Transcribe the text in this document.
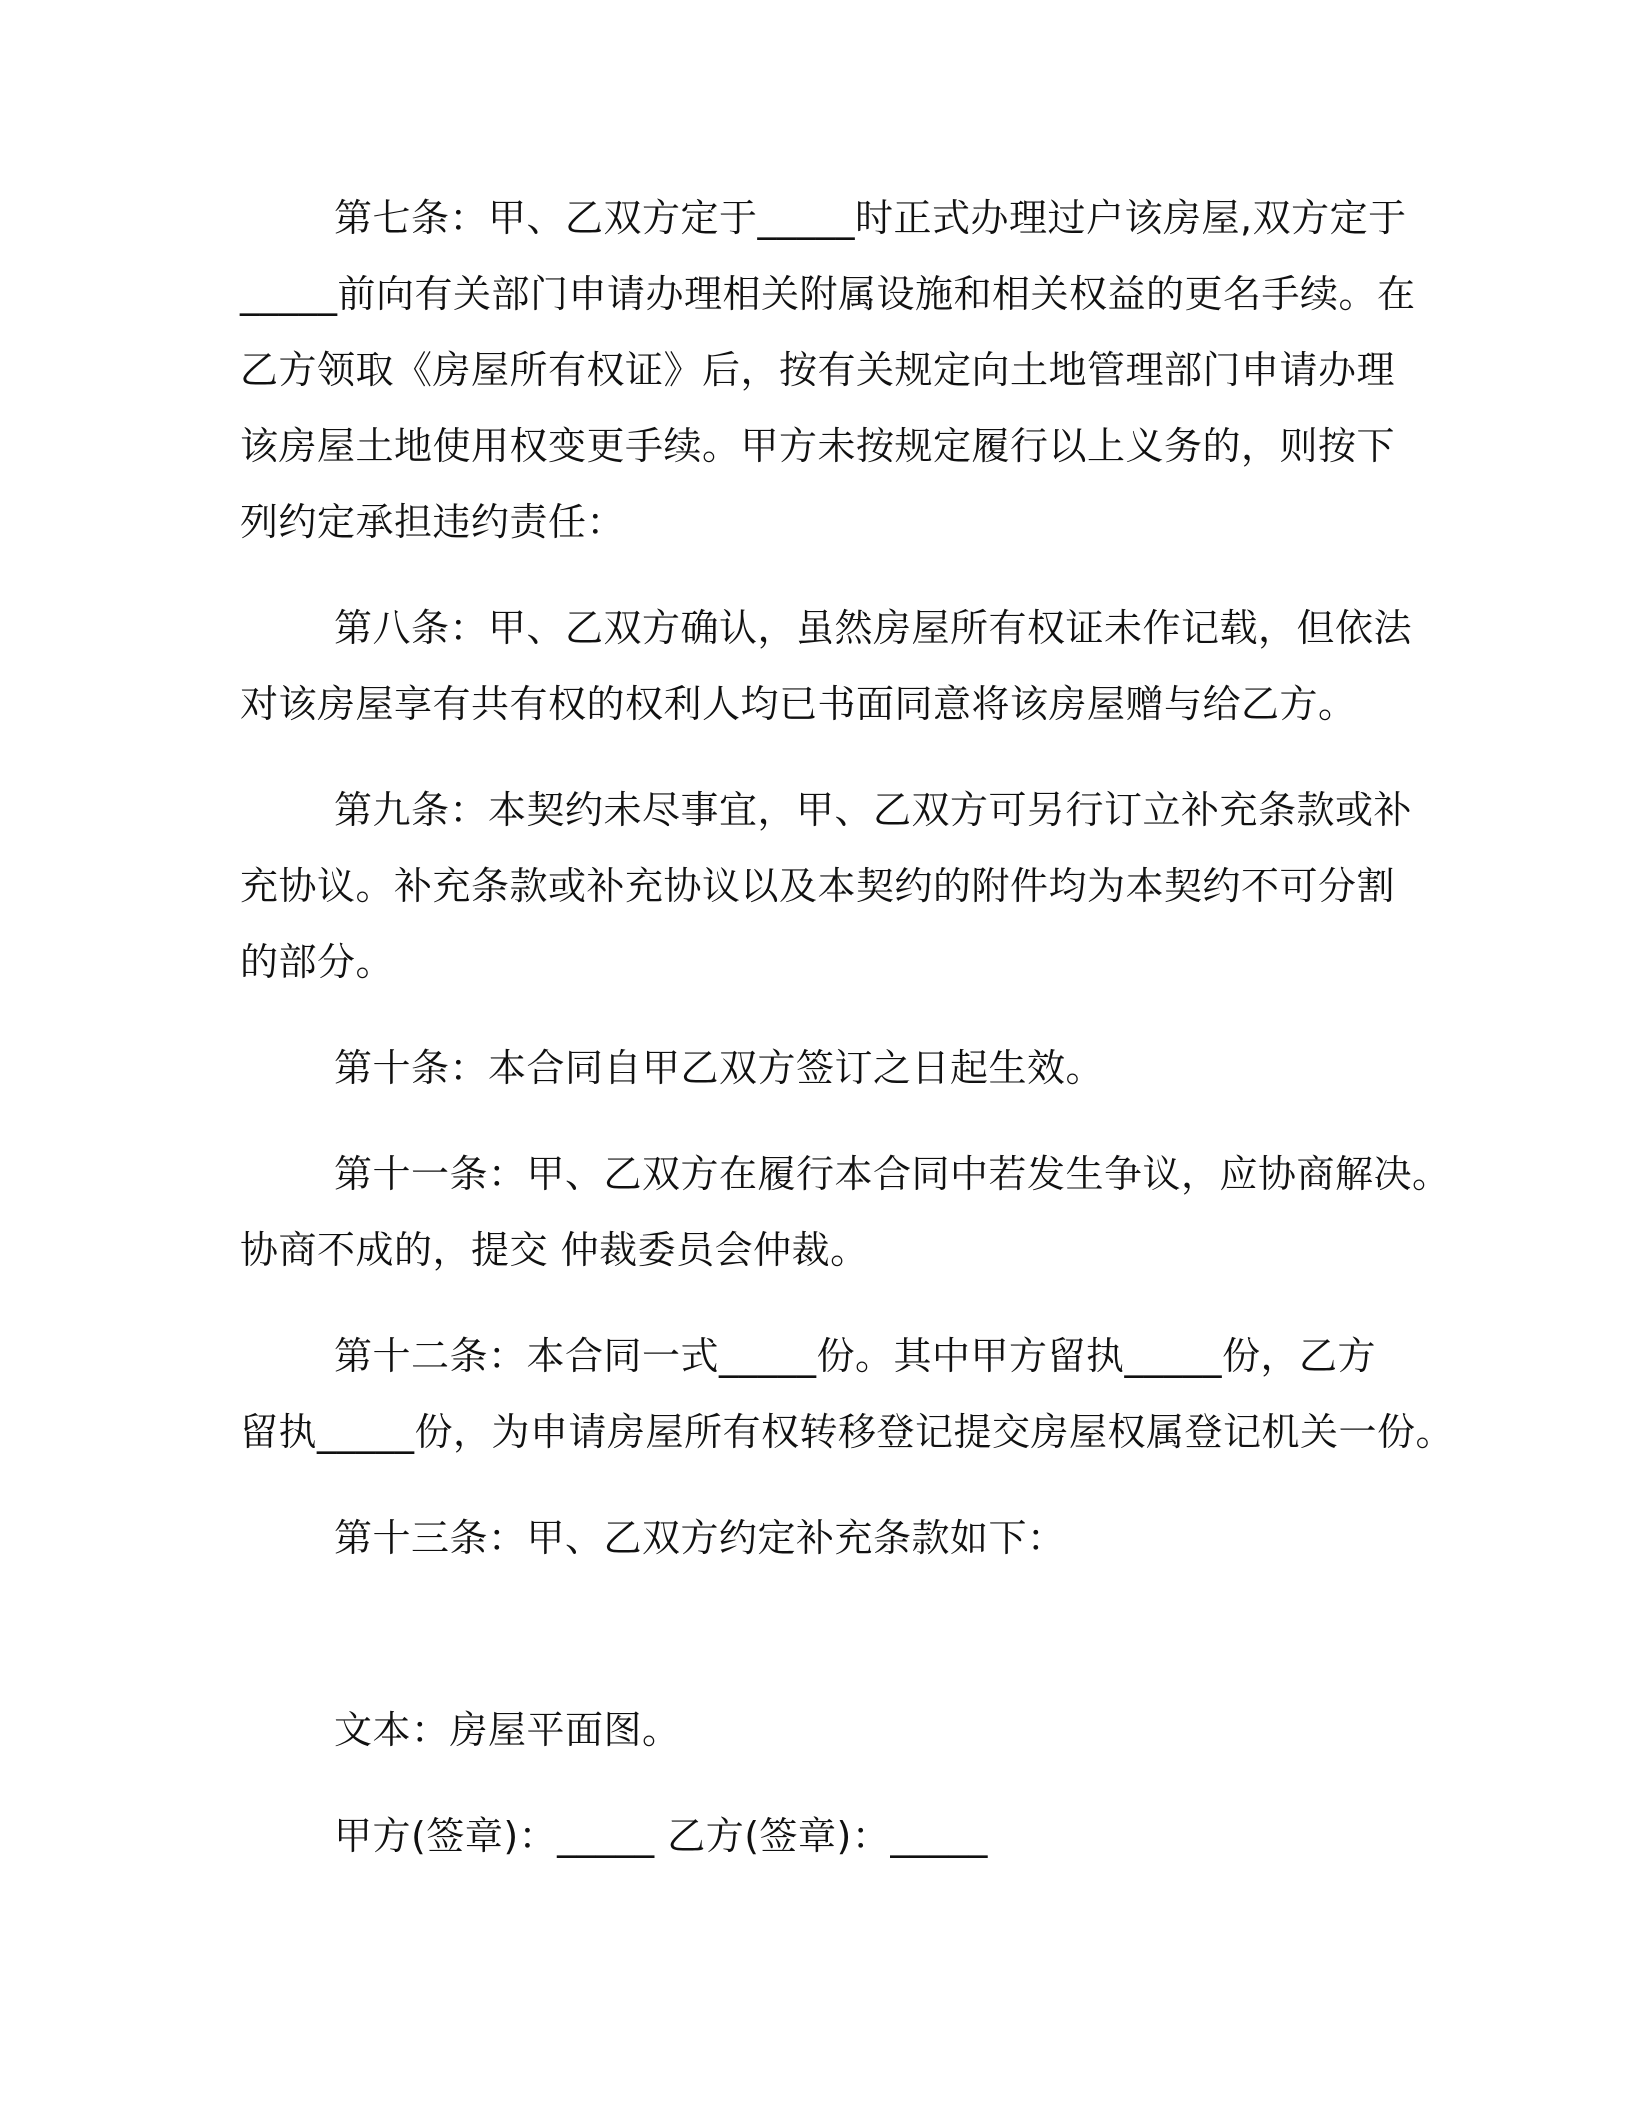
第七条：甲、乙双方定于_____时正式办理过户该房屋,双方定于
_____前向有关部门申请办理相关附属设施和相关权益的更名手续。在
乙方领取《房屋所有权证》后，按有关规定向土地管理部门申请办理
该房屋土地使用权变更手续。甲方未按规定履行以上义务的，则按下
列约定承担违约责任：
第八条：甲、乙双方确认，虽然房屋所有权证未作记载，但依法
对该房屋享有共有权的权利人均已书面同意将该房屋赠与给乙方。
第九条：本契约未尽事宜，甲、乙双方可另行订立补充条款或补
充协议。补充条款或补充协议以及本契约的附件均为本契约不可分割
的部分。
第十条：本合同自甲乙双方签订之日起生效。
第十一条：甲、乙双方在履行本合同中若发生争议，应协商解决。
协商不成的，提交 仲裁委员会仲裁。
第十二条：本合同一式_____份。其中甲方留执_____份，乙方
留执_____份，为申请房屋所有权转移登记提交房屋权属登记机关一份。
第十三条：甲、乙双方约定补充条款如下：
文本：房屋平面图。
甲方(签章)：_____ 乙方(签章)：_____
